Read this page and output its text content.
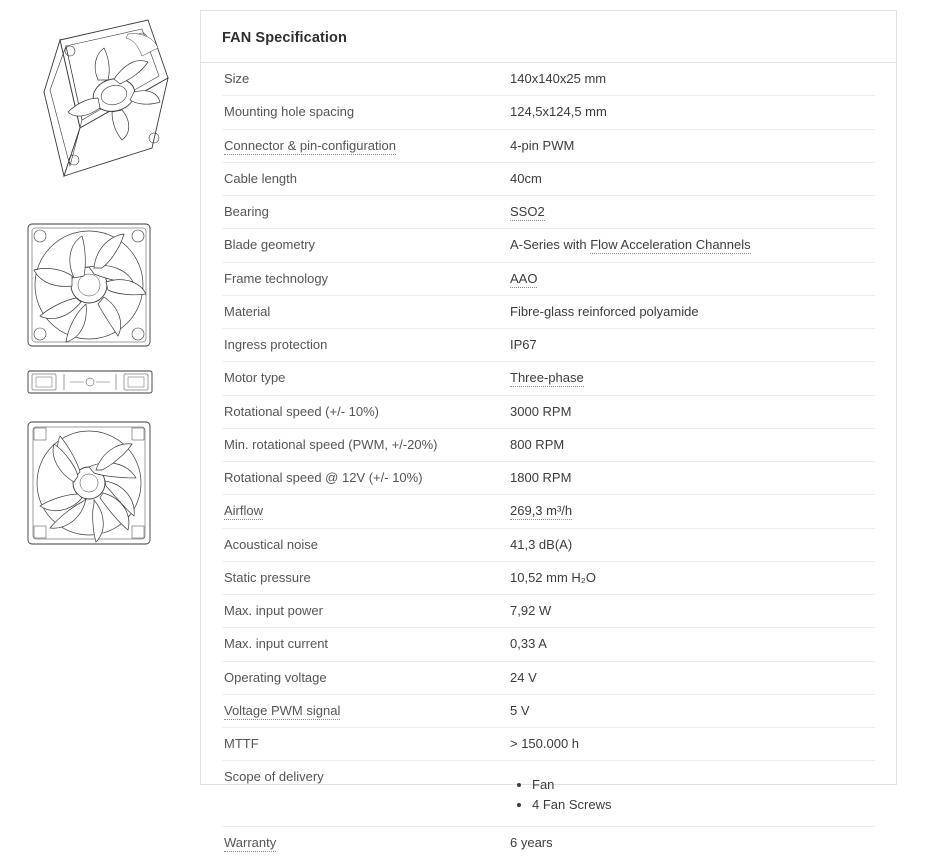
FAN Specification
Size	140x140x25 mm
Mounting hole spacing	124,5x124,5 mm
Connector & pin-configuration	4-pin PWM
Cable length	40cm
Bearing	SSO2
Blade geometry	A-Series with Flow Acceleration Channels
Frame technology	AAO
Material	Fibre-glass reinforced polyamide
Ingress protection	IP67
Motor type	Three-phase
Rotational speed (+/- 10%)	3000 RPM
Min. rotational speed (PWM, +/-20%)	800 RPM
Rotational speed @ 12V (+/- 10%)	1800 RPM
Airflow	269,3 m³/h
Acoustical noise	41,3 dB(A)
Static pressure	10,52 mm H₂O
Max. input power	7,92 W
Max. input current	0,33 A
Operating voltage	24 V
Voltage PWM signal	5 V
MTTF	> 150.000 h
Scope of delivery	
• Fan
• 4 Fan Screws

Warranty	6 years
